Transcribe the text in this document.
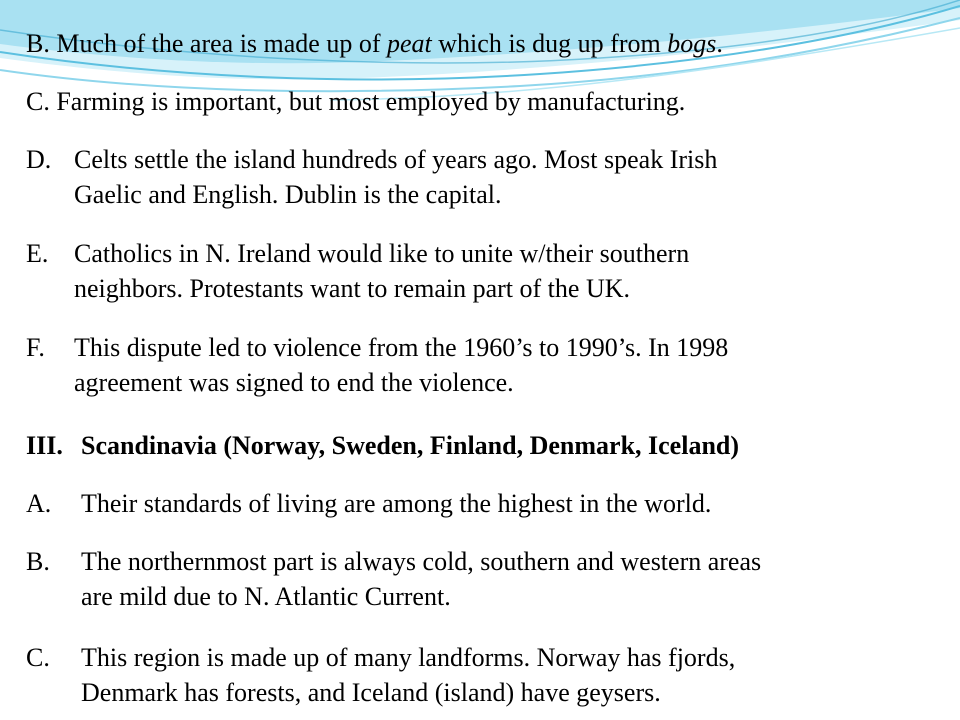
B. Much of the area is made up of peat which is dug up from bogs.
C. Farming is important, but most employed by manufacturing.
D. Celts settle the island hundreds of years ago. Most speak Irish
Gaelic and English. Dublin is the capital.
E. Catholics in N. Ireland would like to unite w/their southern
neighbors. Protestants want to remain part of the UK.
F.	This dispute led to violence from the 1960’s to 1990’s. In 1998
agreement was signed to end the violence.
III. Scandinavia (Norway, Sweden, Finland, Denmark, Iceland)
A.	Their standards of living are among the highest in the world.
B.	The northernmost part is always cold, southern and western areas
are mild due to N. Atlantic Current.
C.	This region is made up of many landforms. Norway has fjords,
Denmark has forests, and Iceland (island) have geysers.
